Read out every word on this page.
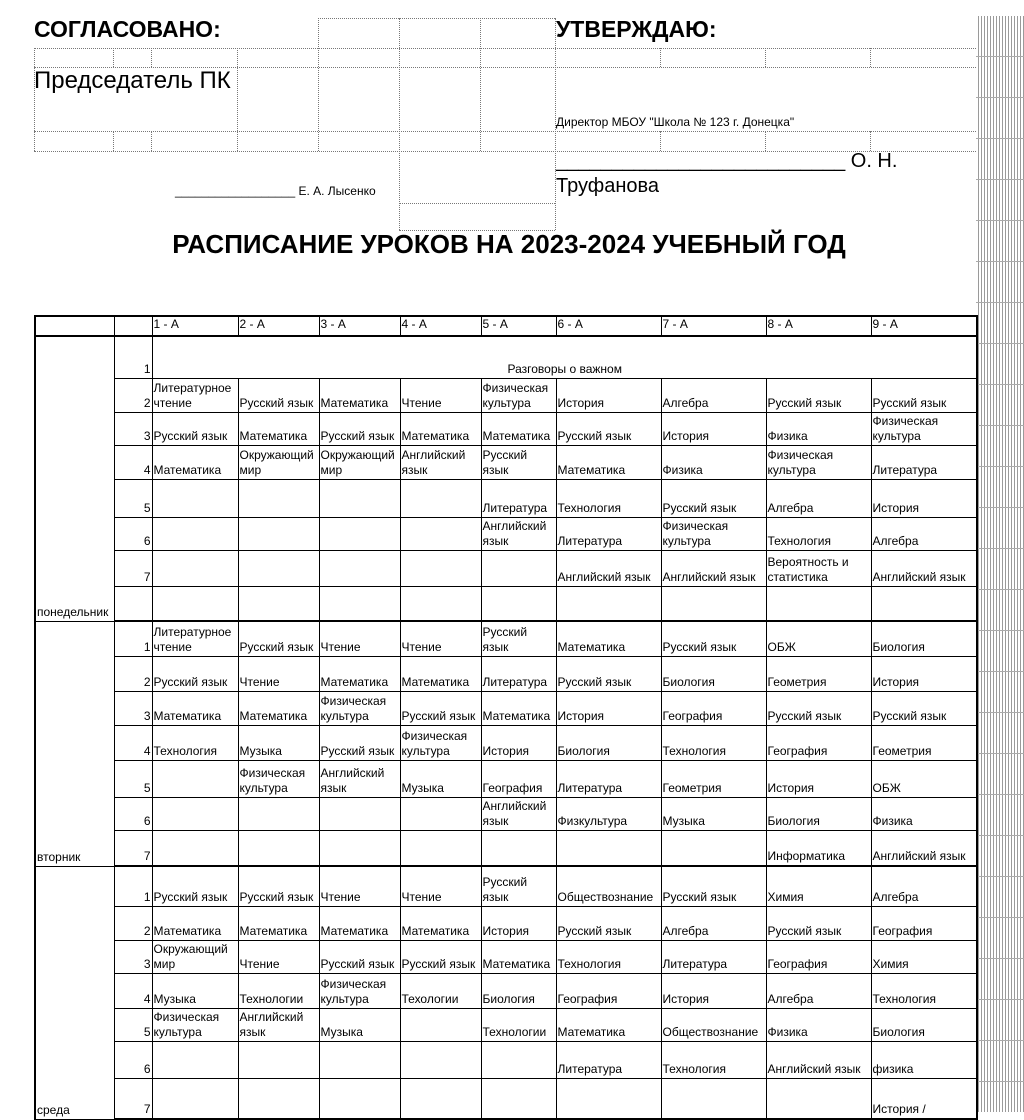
СОГЛАСОВАНО:
Председатель ПК
__________________ Е. А. Лысенко
УТВЕРЖДАЮ:
Директор МБОУ "Школа № 123 г. Донецка"
__________________________ О. Н.
Труфанова
РАСПИСАНИЕ УРОКОВ НА 2023-2024 УЧЕБНЫЙ ГОД
		1 - А	2 - А	3 - А	4 - А	5 - А	6 - А	7 - А	8 - А	9 - А
понедельник	1	Разговоры о важном								
	2	Литературное чтение	Русский язык	Математика	Чтение	Физическая культура	История	Алгебра	Русский язык	Русский язык
	3	Русский язык	Математика	Русский язык	Математика	Математика	Русский язык	История	Физика	Физическая культура
	4	Математика	Окружающий мир	Окружающий мир	Английский язык	Русский язык	Математика	Физика	Физическая культура	Литература
	5					Литература	Технология	Русский язык	Алгебра	История
	6					Английский язык	Литература	Физическая культура	Технология	Алгебра
	7						Английский язык	Английский язык	Вероятность и статистика	Английский язык

вторник	1	Литературное чтение	Русский язык	Чтение	Чтение	Русский язык	Математика	Русский язык	ОБЖ	Биология
	2	Русский язык	Чтение	Математика	Математика	Литература	Русский язык	Биология	Геометрия	История
	3	Математика	Математика	Физическая культура	Русский язык	Математика	История	География	Русский язык	Русский язык
	4	Технология	Музыка	Русский язык	Физическая культура	История	Биология	Технология	География	Геометрия
	5		Физическая культура	Английский язык	Музыка	География	Литература	Геометрия	История	ОБЖ
	6					Английский язык	Физкультура	Музыка	Биология	Физика
	7								Информатика	Английский язык
среда	1	Русский язык	Русский язык	Чтение	Чтение	Русский язык	Обществознание	Русский язык	Химия	Алгебра
	2	Математика	Математика	Математика	Математика	История	Русский язык	Алгебра	Русский язык	География
	3	Окружающий мир	Чтение	Русский язык	Русский язык	Математика	Технология	Литература	География	Химия
	4	Музыка	Технологии	Физическая культура	Техологии	Биология	География	История	Алгебра	Технология
	5	Физическая культура	Английский язык	Музыка		Технологии	Математика	Обществознание	Физика	Биология
	6						Литература	Технология	Английский язык	физика
	7									История /
